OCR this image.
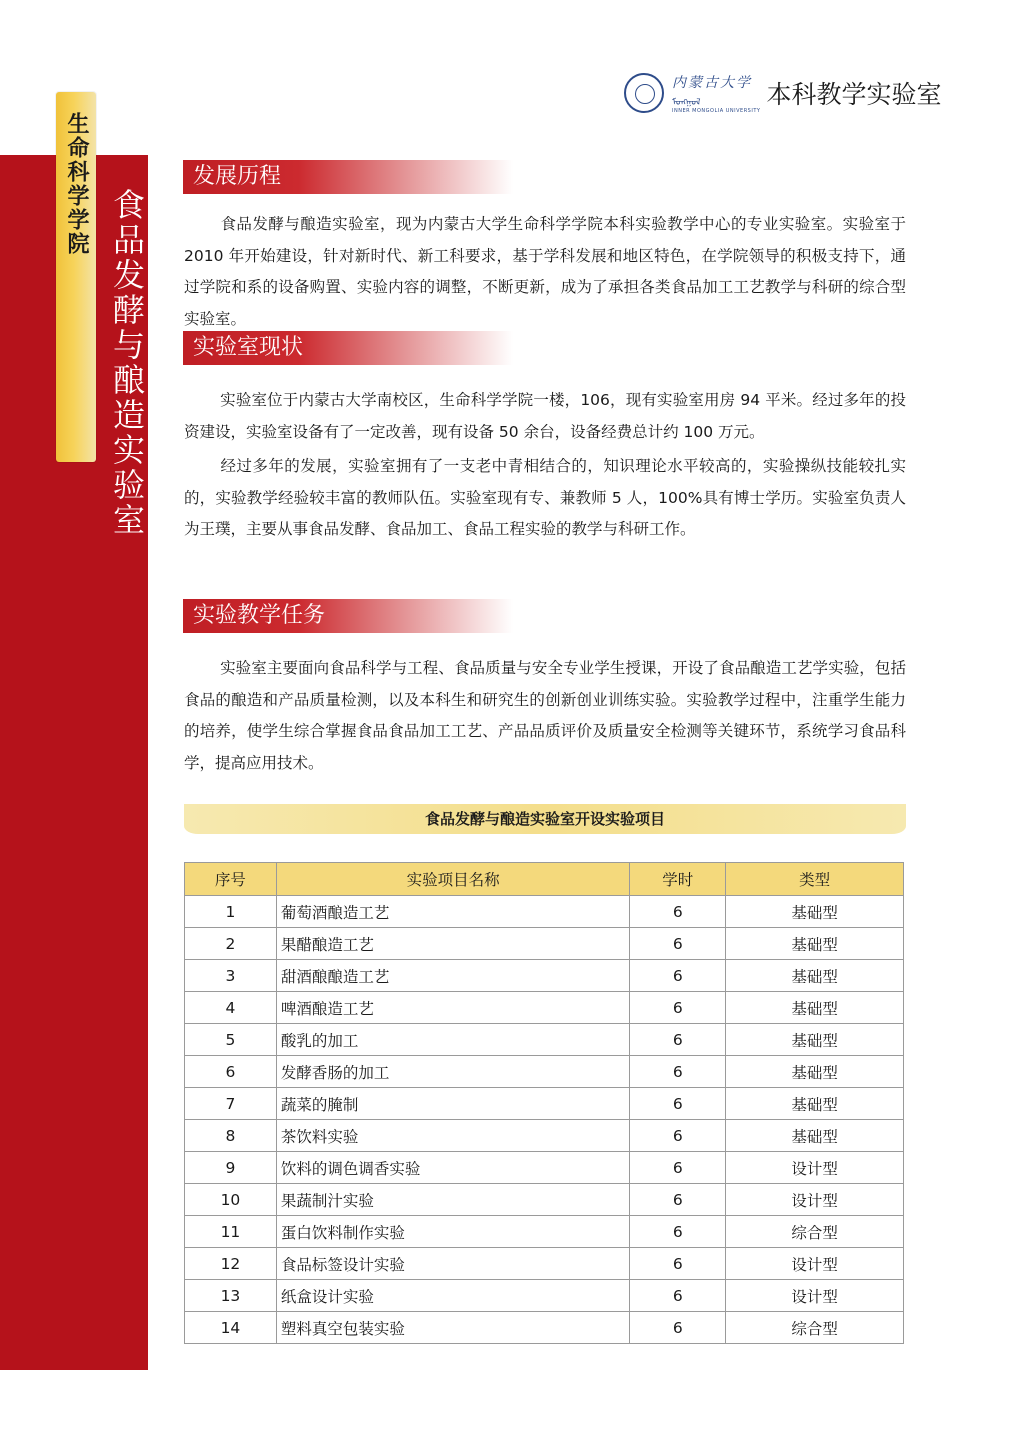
生命科学学院
食品发酵与酿造实验室
内蒙古大学
ᠮᠣᠩᠭᠣᠯ
INNER MONGOLIA UNIVERSITY
本科教学实验室
发展历程

食品发酵与酿造实验室，现为内蒙古大学生命科学学院本科实验教学中心的专业实验室。实验室于 2010 年开始建设，针对新时代、新工科要求，基于学科发展和地区特色，在学院领导的积极支持下，通过学院和系的设备购置、实验内容的调整，不断更新，成为了承担各类食品加工工艺教学与科研的综合型实验室。

实验室现状

实验室位于内蒙古大学南校区，生命科学学院一楼，106，现有实验室用房 94 平米。经过多年的投资建设，实验室设备有了一定改善，现有设备 50 余台，设备经费总计约 100 万元。

经过多年的发展，实验室拥有了一支老中青相结合的，知识理论水平较高的，实验操纵技能较扎实的，实验教学经验较丰富的教师队伍。实验室现有专、兼教师 5 人，100%具有博士学历。实验室负责人为王璞，主要从事食品发酵、食品加工、食品工程实验的教学与科研工作。

实验教学任务

实验室主要面向食品科学与工程、食品质量与安全专业学生授课，开设了食品酿造工艺学实验，包括食品的酿造和产品质量检测，以及本科生和研究生的创新创业训练实验。实验教学过程中，注重学生能力的培养，使学生综合掌握食品食品加工工艺、产品品质评价及质量安全检测等关键环节，系统学习食品科学，提高应用技术。

食品发酵与酿造实验室开设实验项目
序号	实验项目名称	学时	类型
1	葡萄酒酿造工艺	6	基础型
2	果醋酿造工艺	6	基础型
3	甜酒酿酿造工艺	6	基础型
4	啤酒酿造工艺	6	基础型
5	酸乳的加工	6	基础型
6	发酵香肠的加工	6	基础型
7	蔬菜的腌制	6	基础型
8	茶饮料实验	6	基础型
9	饮料的调色调香实验	6	设计型
10	果蔬制汁实验	6	设计型
11	蛋白饮料制作实验	6	综合型
12	食品标签设计实验	6	设计型
13	纸盒设计实验	6	设计型
14	塑料真空包装实验	6	综合型
